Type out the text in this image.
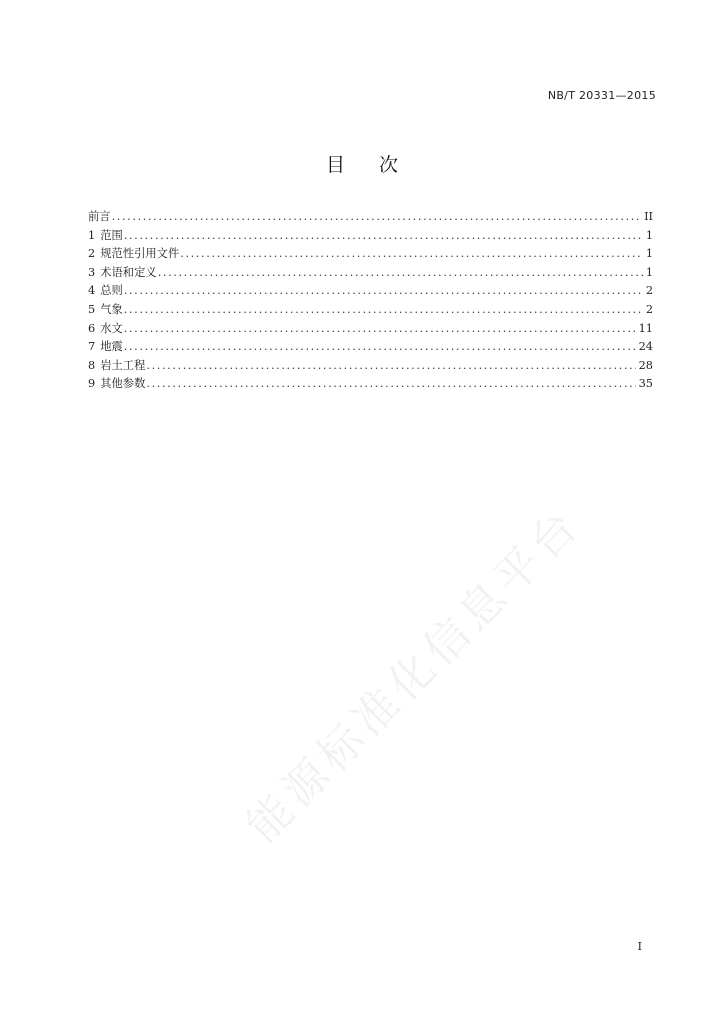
NB/T 20331—2015
目 次
前言 .....	II
1 范围 .....	1
2 规范性引用文件 .....	1
3 术语和定义 .....	1
4 总则 .....	2
5 气象 .....	2
6 水文 .....	11
7 地震 .....	24
8 岩土工程 .....	28
9 其他参数 .....	35
能源标准化信息平台
I
